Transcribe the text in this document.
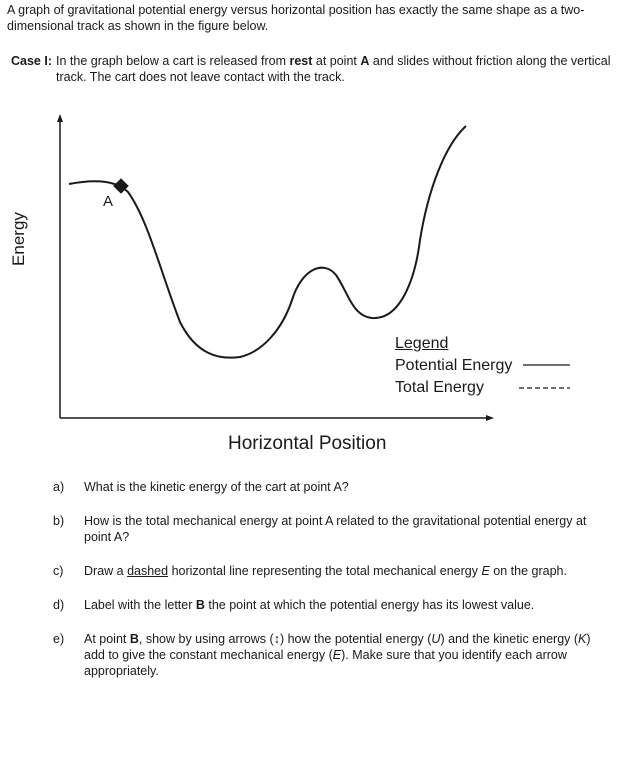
A graph of gravitational potential energy versus horizontal position has exactly the same shape as a two-dimensional track as shown in the figure below.
Case I: In the graph below a cart is released from rest at point A and slides without friction along the vertical track. The cart does not leave contact with the track.
Energy
A
Horizontal Position
Legend
Potential Energy
Total Energy
a) What is the kinetic energy of the cart at point A?
b) How is the total mechanical energy at point A related to the gravitational potential energy at point A?
c) Draw a dashed horizontal line representing the total mechanical energy E on the graph.
d) Label with the letter B the point at which the potential energy has its lowest value.
e) At point B, show by using arrows (↕) how the potential energy (U) and the kinetic energy (K) add to give the constant mechanical energy (E). Make sure that you identify each arrow appropriately.
